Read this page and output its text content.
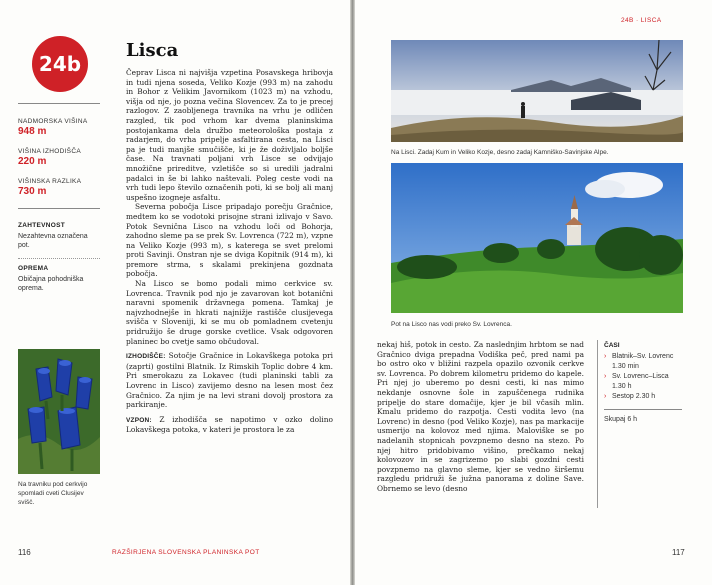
24b
NADMORSKA VIŠINA
948 m
VIŠINA IZHODIŠČA
220 m
VIŠINSKA RAZLIKA
730 m
ZAHTEVNOST
Nezahtevna označena pot.
OPREMA
Običajna pohodniška oprema.
Na travniku pod cerkvijo spomladi cveti Clusijev svišč.
Lisca

Čeprav Lisca ni najvišja vzpetina Posavskega hribovja in tudi njena soseda, Veliko Kozje (993 m) na zahodu in Bohor z Velikim Javornikom (1023 m) na vzhodu, višja od nje, jo pozna večina Slovencev. Za to je precej razlogov. Z zaobljenega travnika na vrhu je odličen razgled, tik pod vrhom kar dvema planinskima postojankama dela družbo meteorološka postaja z radarjem, do vrha pripelje asfaltirana cesta, na Lisci pa je tudi manjše smučišče, ki je že doživljalo boljše čase. Na travnati poljani vrh Lisce se odvijajo množične prireditve, vzletišče so si uredili jadralni padalci in še bi lahko naštevali. Poleg ceste vodi na vrh tudi lepo število označenih poti, ki se bolj ali manj uspešno izogneje asfaltu.

Severna pobočja Lisce pripadajo porečju Gračnice, medtem ko se vodotoki prisojne strani izlivajo v Savo. Potok Sevnična Lisco na vzhodu loči od Bohorja, zahodno sleme pa se prek Sv. Lovrenca (722 m), vzpne na Veliko Kozje (993 m), s katerega se svet prelomi proti Savinji. Onstran nje se dviga Kopitnik (914 m), ki premore strma, s skalami prekinjena gozdnata pobočja.

Na Lisco se bomo podali mimo cerkvice sv. Lovrenca. Travnik pod njo je zavarovan kot botanični naravni spomenik državnega pomena. Tamkaj je najvzhodnejše in hkrati najnižje rastišče clusijevega svišča v Sloveniji, ki se mu ob pomladnem cvetenju pridružijo še druge gorske cvetlice. Vsak odgovoren planinec bo cvetje samo občudoval.

IZHODIŠČE: Sotočje Gračnice in Lokavškega potoka pri (zaprti) gostilni Blatnik. Iz Rimskih Toplic dobre 4 km. Pri smerokazu za Lokavec (tudi planinski tabli za Lovrenc in Lisco) zavijemo desno na lesen most čez Gračnico. Za njim je na levi strani dovolj prostora za parkiranje.

VZPON: Z izhodišča se napotimo v ozko dolino Lokavškega potoka, v kateri je prostora le za

116	RAZŠIRJENA SLOVENSKA PLANINSKA POT
24B · LISCA
Na Lisci. Zadaj Kum in Veliko Kozje, desno zadaj Kamniško-Savinjske Alpe.
Pot na Lisco nas vodi preko Sv. Lovrenca.

nekaj hiš, potok in cesto. Za naslednjim hrbtom se nad Gračnico dviga prepadna Vodiška peč, pred nami pa bo ostro oko v bližini razpela opazilo ozvonik cerkve sv. Lovrenca. Po dobrem kilometru pridemo do kapele. Pri njej jo uberemo po desni cesti, ki nas mimo nekdanje osnovne šole in zapuščenega rudnika pripelje do stare domačije, kjer je bil včasih mlin. Kmalu pridemo do razpotja. Cesti vodita levo (na Lovrenc) in desno (pod Veliko Kozje), nas pa markacije usmerijo na kolovoz med njima. Maloviške se po nadelanih stopnicah povzpnemo desno na stezo. Po njej hitro pridobivamo višino, prečkamo nekaj kolovozov in se zagrizemo po slabi gozdni cesti povzpnemo na glavno sleme, kjer se vedno širšemu razgledu pridruži še južna panorama z doline Save. Obrnemo se levo (desno

ČASI
› Blatnik–Sv. Lovrenc 1.30 min
› Sv. Lovrenc–Lisca 1.30 h
› Sestop 2.30 h
Skupaj 6 h
117
